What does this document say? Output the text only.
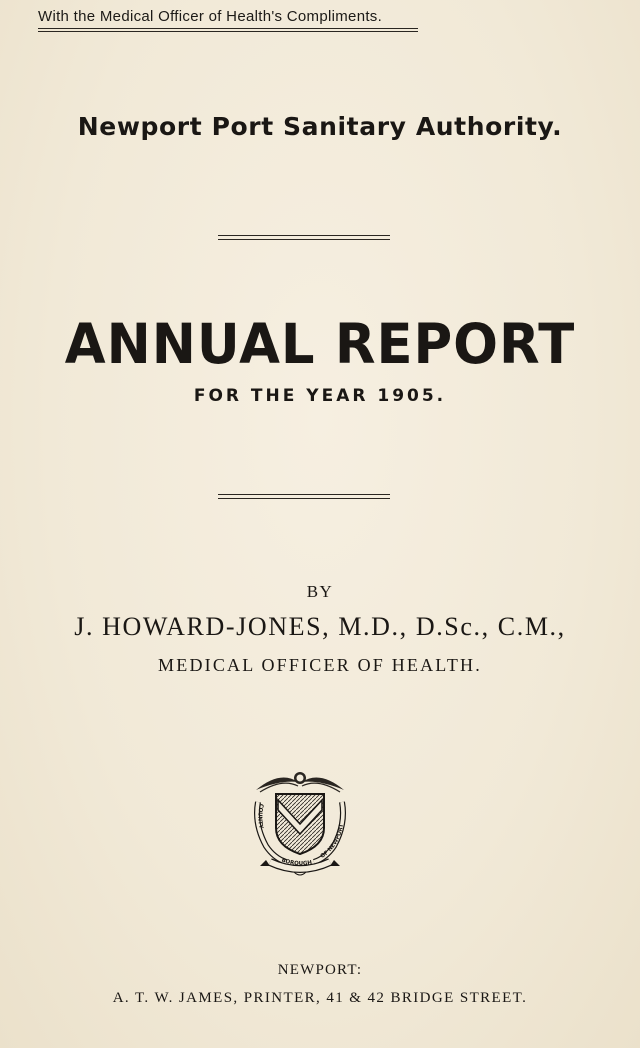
With the Medical Officer of Health's Compliments.
Newport Port Sanitary Authority.
ANNUAL REPORT
FOR THE YEAR 1905.
BY
J. HOWARD-JONES, M.D., D.Sc., C.M.,
MEDICAL OFFICER OF HEALTH.
COUNTY
BOROUGH
OF NEWPORT
NEWPORT:
A. T. W. JAMES, PRINTER, 41 & 42 BRIDGE STREET.
